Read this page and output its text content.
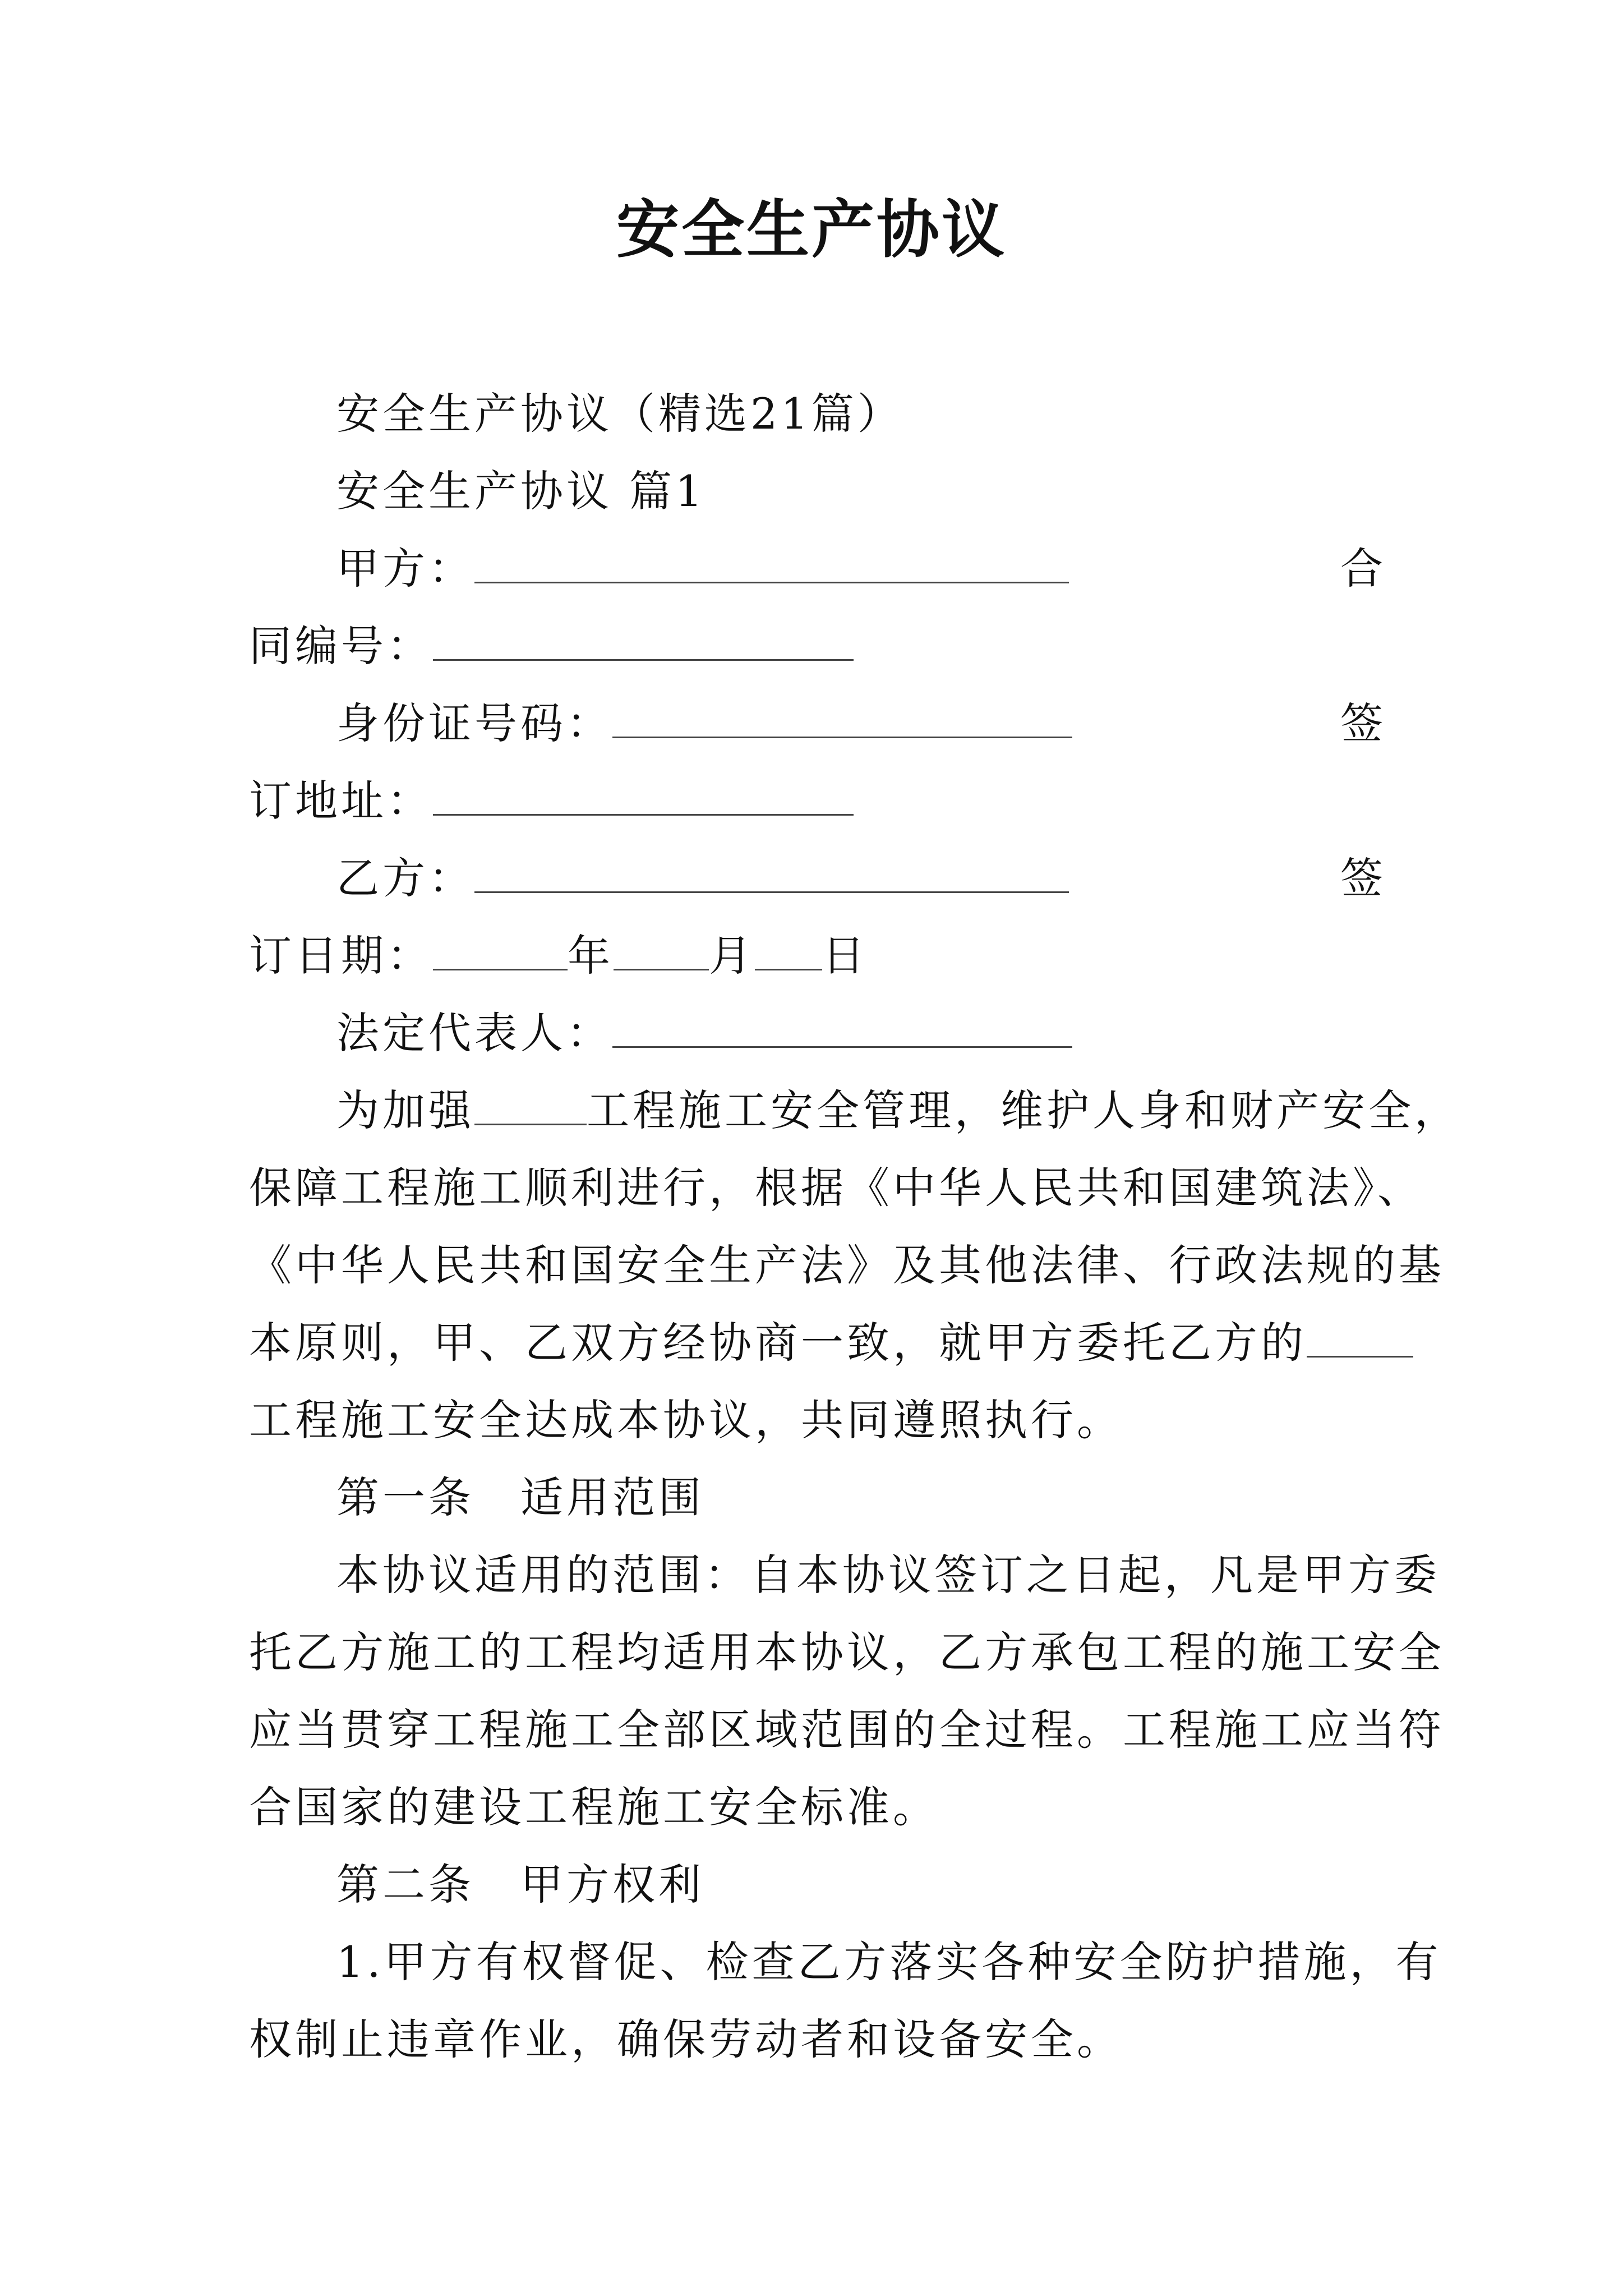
安全生产协议
安全生产协议（精选21篇）
安全生产协议 篇1
甲方：	合
同编号：
身份证号码：	签
订地址：
乙方：	签
订日期：	年 月 日
法定代表人：
为加强	工程施工安全管理，维护人身和财产安全，
保障工程施工顺利进行，根据《中华人民共和国建筑法》、
《中华人民共和国安全生产法》及其他法律、行政法规的基
本原则，甲、乙双方经协商一致，就甲方委托乙方的
工程施工安全达成本协议，共同遵照执行。
第一条　适用范围
本协议适用的范围：自本协议签订之日起，凡是甲方委
托乙方施工的工程均适用本协议，乙方承包工程的施工安全
应当贯穿工程施工全部区域范围的全过程。工程施工应当符
合国家的建设工程施工安全标准。
第二条　甲方权利
1.甲方有权督促、检查乙方落实各种安全防护措施，有
权制止违章作业，确保劳动者和设备安全。
